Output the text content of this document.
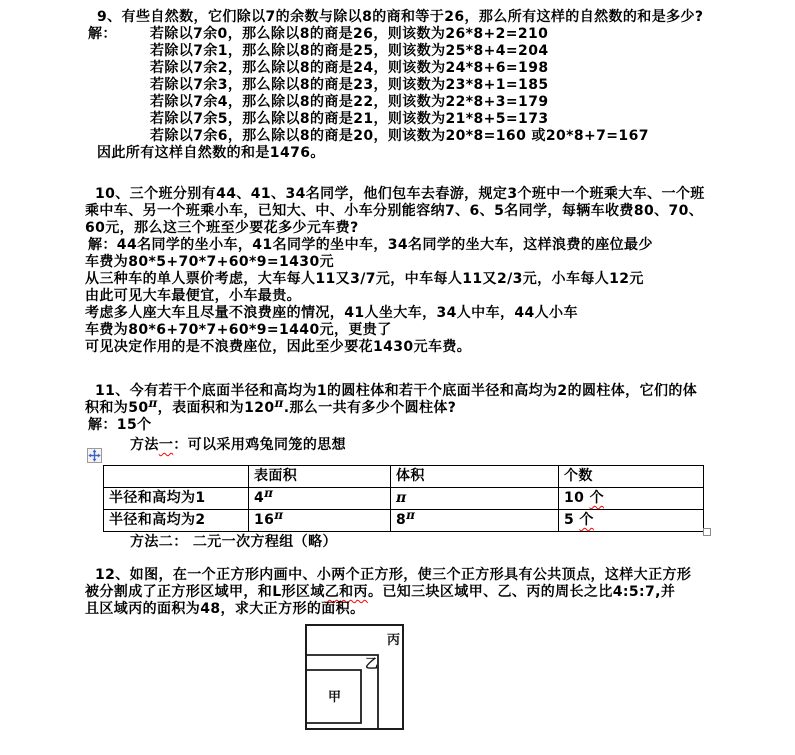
9、有些自然数，它们除以7的余数与除以8的商和等于26，那么所有这样的自然数的和是多少?
解： 若除以7余0，那么除以8的商是26，则该数为26*8+2=210
若除以7余1，那么除以8的商是25，则该数为25*8+4=204
若除以7余2，那么除以8的商是24，则该数为24*8+6=198
若除以7余3，那么除以8的商是23，则该数为23*8+1=185
若除以7余4，那么除以8的商是22，则该数为22*8+3=179
若除以7余5，那么除以8的商是21，则该数为21*8+5=173
若除以7余6，那么除以8的商是20，则该数为20*8=160 或20*8+7=167
因此所有这样自然数的和是1476。
10、三个班分别有44、41、34名同学，他们包车去春游，规定3个班中一个班乘大车、一个班
乘中车、另一个班乘小车，已知大、中、小车分别能容纳7、6、5名同学，每辆车收费80、70、
60元，那么这三个班至少要花多少元车费?
解：44名同学的坐小车，41名同学的坐中车，34名同学的坐大车，这样浪费的座位最少
车费为80*5+70*7+60*9=1430元
从三种车的单人票价考虑，大车每人11又3/7元，中车每人11又2/3元，小车每人12元
由此可见大车最便宜，小车最贵。
考虑多人座大车且尽量不浪费座的情况，41人坐大车，34人中车，44人小车
车费为80*6+70*7+60*9=1440元，更贵了
可见决定作用的是不浪费座位，因此至少要花1430元车费。
11、今有若干个底面半径和高均为1的圆柱体和若干个底面半径和高均为2的圆柱体，它们的体
积和为50π，表面积和为120π.那么一共有多少个圆柱体?
解：15个
方法一：可以采用鸡兔同笼的思想
	表面积	体积	个数
半径和高均为1	4π	π	10 个
半径和高均为2	16π	8π	5 个
方法二： 二元一次方程组（略）
12、如图，在一个正方形内画中、小两个正方形，使三个正方形具有公共顶点，这样大正方形
被分割成了正方形区域甲，和L形区域乙和丙。已知三块区域甲、乙、丙的周长之比4:5:7,并
且区域丙的面积为48，求大正方形的面积。
丙
乙
甲
